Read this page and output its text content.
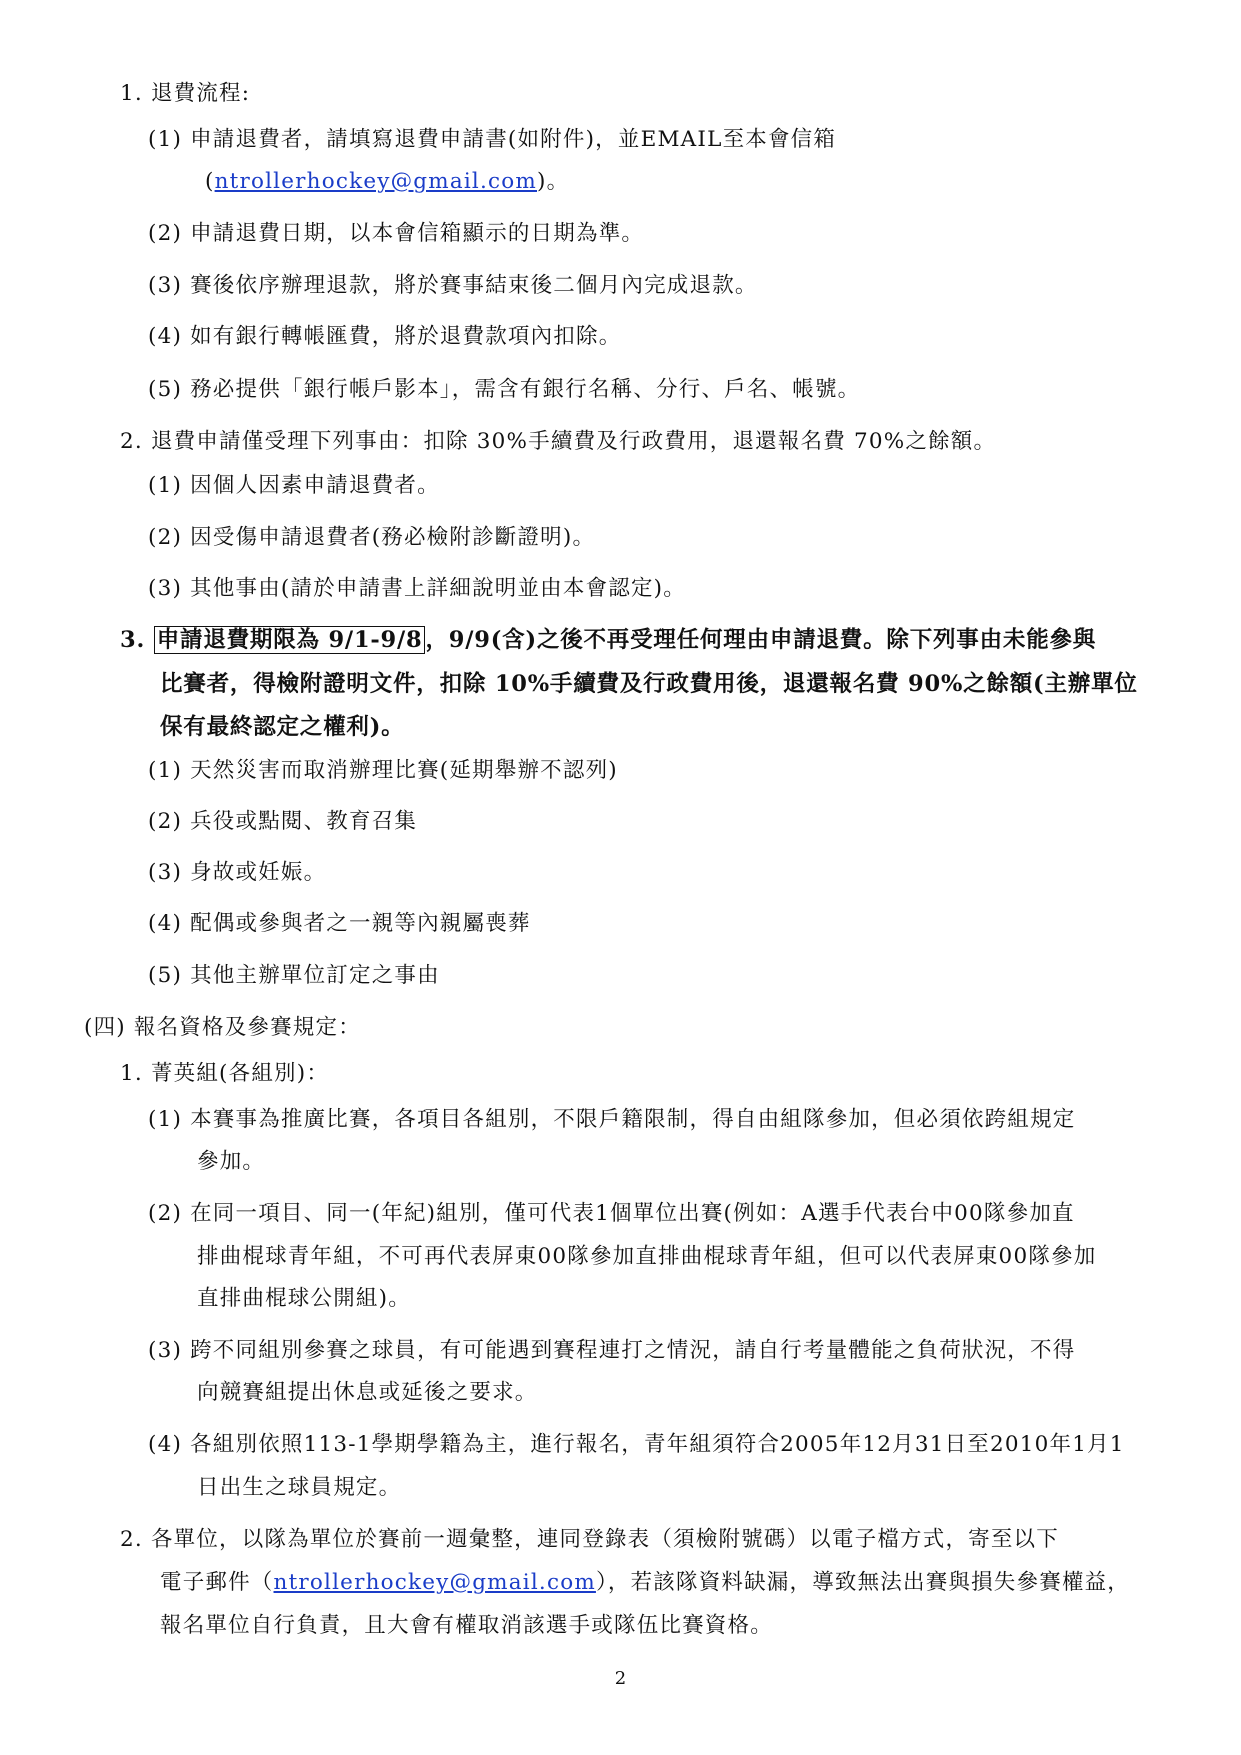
1. 退費流程:
(1) 申請退費者，請填寫退費申請書(如附件)，並EMAIL至本會信箱
(ntrollerhockey@gmail.com)。
(2) 申請退費日期，以本會信箱顯示的日期為準。
(3) 賽後依序辦理退款，將於賽事結束後二個月內完成退款。
(4) 如有銀行轉帳匯費，將於退費款項內扣除。
(5) 務必提供「銀行帳戶影本」，需含有銀行名稱、分行、戶名、帳號。
2. 退費申請僅受理下列事由：扣除 30%手續費及行政費用，退還報名費 70%之餘額。
(1) 因個人因素申請退費者。
(2) 因受傷申請退費者(務必檢附診斷證明)。
(3) 其他事由(請於申請書上詳細說明並由本會認定)。
3. 申請退費期限為 9/1-9/8 ，9/9(含)之後不再受理任何理由申請退費。除下列事由未能參與
比賽者，得檢附證明文件，扣除 10%手續費及行政費用後，退還報名費 90%之餘額(主辦單位
保有最終認定之權利)。
(1) 天然災害而取消辦理比賽(延期舉辦不認列)
(2) 兵役或點閱、教育召集
(3) 身故或妊娠。
(4) 配偶或參與者之一親等內親屬喪葬
(5) 其他主辦單位訂定之事由
(四) 報名資格及參賽規定：
1. 菁英組(各組別)：
(1) 本賽事為推廣比賽，各項目各組別，不限戶籍限制，得自由組隊參加，但必須依跨組規定
參加。
(2) 在同一項目、同一(年紀)組別，僅可代表1個單位出賽(例如：A選手代表台中00隊參加直
排曲棍球青年組，不可再代表屏東00隊參加直排曲棍球青年組，但可以代表屏東00隊參加
直排曲棍球公開組)。
(3) 跨不同組別參賽之球員，有可能遇到賽程連打之情況，請自行考量體能之負荷狀況，不得
向競賽組提出休息或延後之要求。
(4) 各組別依照113-1學期學籍為主，進行報名，青年組須符合2005年12月31日至2010年1月1
日出生之球員規定。
2. 各單位，以隊為單位於賽前一週彙整，連同登錄表（須檢附號碼）以電子檔方式，寄至以下
電子郵件（ntrollerhockey@gmail.com），若該隊資料缺漏，導致無法出賽與損失參賽權益，
報名單位自行負責，且大會有權取消該選手或隊伍比賽資格。
2
